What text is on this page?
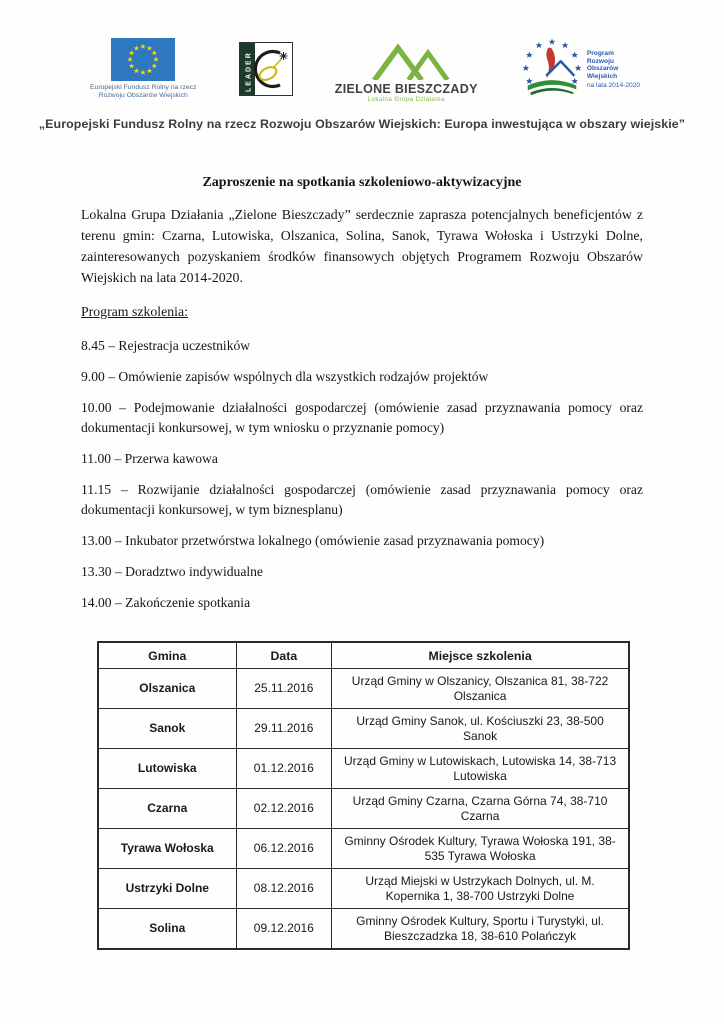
Europejski Fundusz Rolny na rzecz
Rozwoju Obszarów Wiejskich
LEADER	ZIELONE BIESZCZADY
Lokalna Grupa Działania
Program
Rozwoju
Obszarów
Wiejskich
na lata 2014-2020
„Europejski Fundusz Rolny na rzecz Rozwoju Obszarów Wiejskich: Europa inwestująca w obszary wiejskie”
Zaproszenie na spotkania szkoleniowo-aktywizacyjne

Lokalna Grupa Działania „Zielone Bieszczady” serdecznie zaprasza potencjalnych beneficjentów z terenu gmin: Czarna, Lutowiska, Olszanica, Solina, Sanok, Tyrawa Wołoska i Ustrzyki Dolne, zainteresowanych pozyskaniem środków finansowych objętych Programem Rozwoju Obszarów Wiejskich na lata 2014-2020.

Program szkolenia:

8.45 – Rejestracja uczestników

9.00 – Omówienie zapisów wspólnych dla wszystkich rodzajów projektów

10.00 – Podejmowanie działalności gospodarczej (omówienie zasad przyznawania pomocy oraz dokumentacji konkursowej, w tym wniosku o przyznanie pomocy)

11.00 – Przerwa kawowa

11.15 – Rozwijanie działalności gospodarczej (omówienie zasad przyznawania pomocy oraz dokumentacji konkursowej, w tym biznesplanu)

13.00 – Inkubator przetwórstwa lokalnego (omówienie zasad przyznawania pomocy)

13.30 – Doradztwo indywidualne

14.00 – Zakończenie spotkania

Gmina	Data	Miejsce szkolenia
Olszanica	25.11.2016	Urząd Gminy w Olszanicy, Olszanica 81, 38-722 Olszanica
Sanok	29.11.2016	Urząd Gminy Sanok, ul. Kościuszki 23, 38-500 Sanok
Lutowiska	01.12.2016	Urząd Gminy w Lutowiskach, Lutowiska 14, 38-713 Lutowiska
Czarna	02.12.2016	Urząd Gminy Czarna, Czarna Górna 74, 38-710 Czarna
Tyrawa Wołoska	06.12.2016	Gminny Ośrodek Kultury, Tyrawa Wołoska 191, 38-535 Tyrawa Wołoska
Ustrzyki Dolne	08.12.2016	Urząd Miejski w Ustrzykach Dolnych, ul. M. Kopernika 1, 38-700 Ustrzyki Dolne
Solina	09.12.2016	Gminny Ośrodek Kultury, Sportu i Turystyki, ul. Bieszczadzka 18, 38-610 Polańczyk
